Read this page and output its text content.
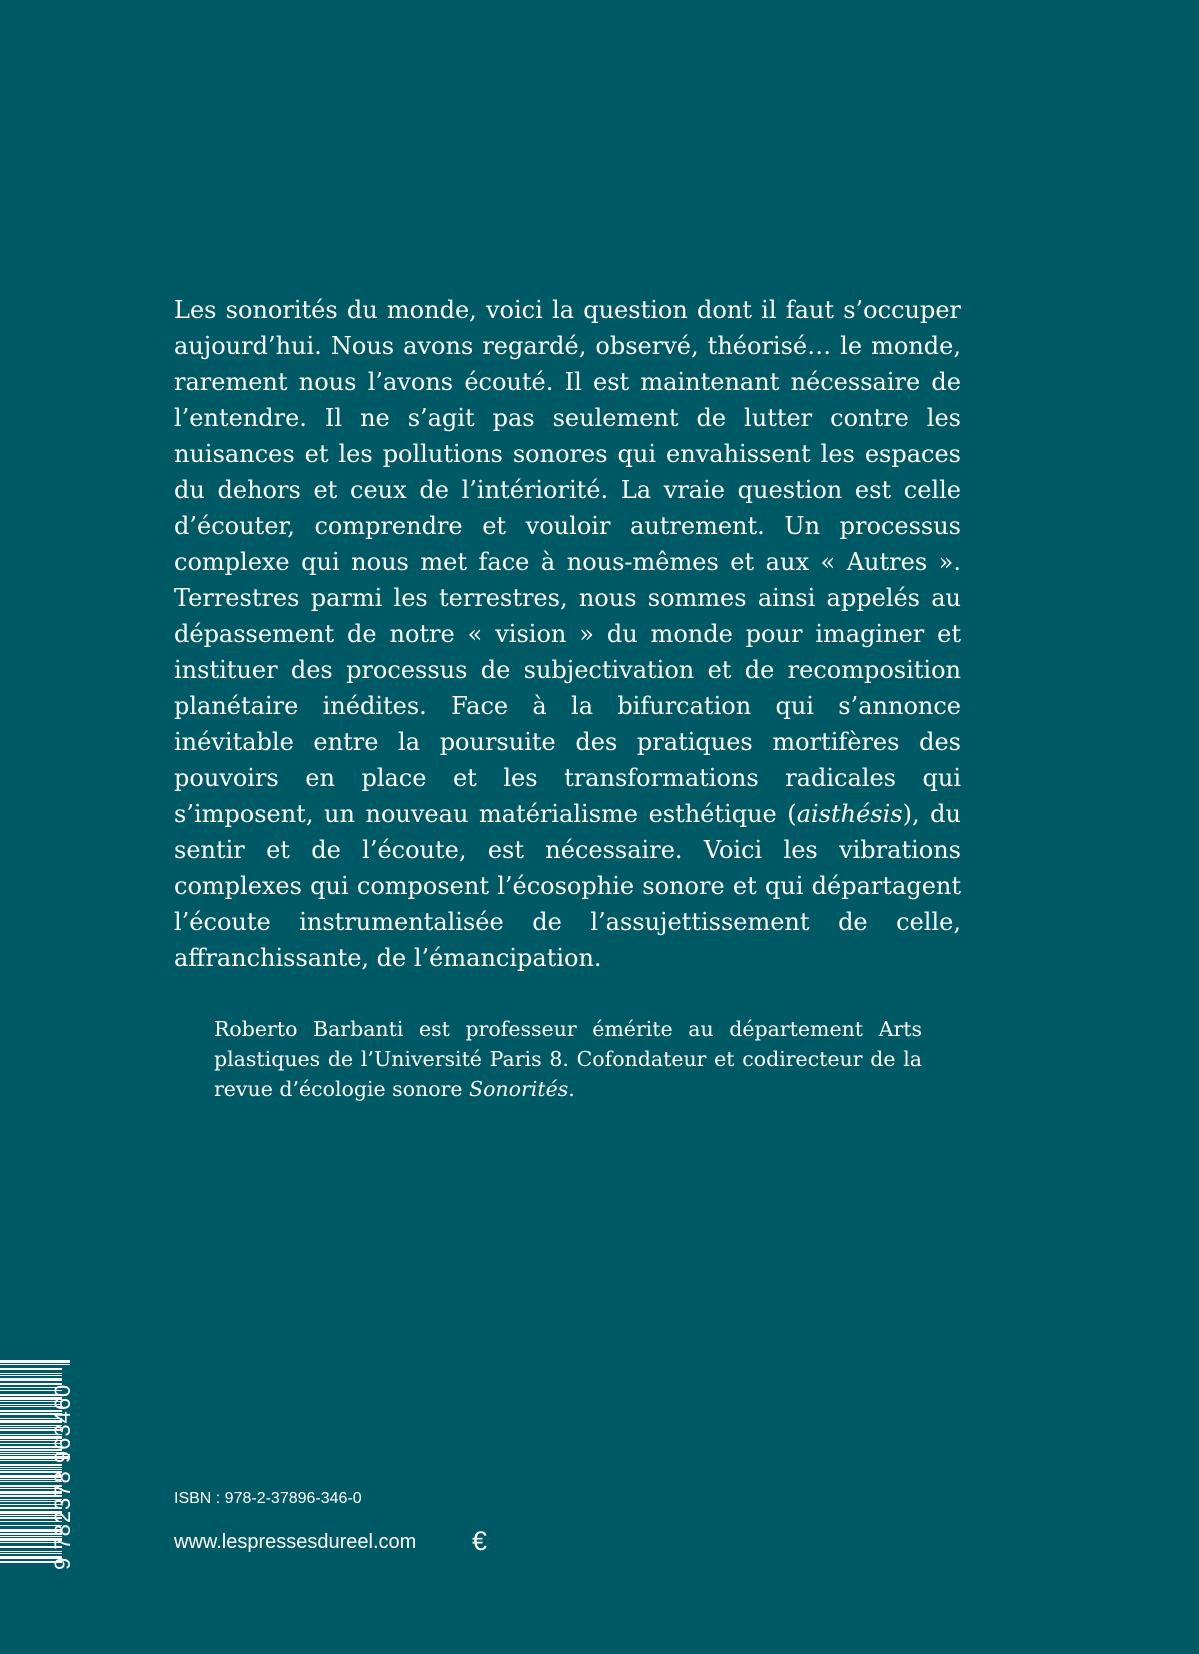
Les sonorités du monde, voici la question dont il faut s’occuper aujourd’hui. Nous avons regardé, observé, théorisé… le monde, rarement nous l’avons écouté. Il est maintenant nécessaire de l’entendre. Il ne s’agit pas seulement de lutter contre les nuisances et les pollutions sonores qui envahissent les espaces du dehors et ceux de l’intériorité. La vraie question est celle d’écouter, comprendre et vouloir autrement. Un processus complexe qui nous met face à nous-mêmes et aux « Autres ». Terrestres parmi les terrestres, nous sommes ainsi appelés au dépassement de notre « vision » du monde pour imaginer et instituer des processus de subjectivation et de recomposition planétaire inédites. Face à la bifurcation qui s’annonce inévitable entre la poursuite des pratiques mortifères des pouvoirs en place et les transformations radicales qui s’imposent, un nouveau matérialisme esthétique (aisthésis), du sentir et de l’écoute, est nécessaire. Voici les vibrations complexes qui composent l’écosophie sonore et qui départagent l’écoute instrumentalisée de l’assujettissement de celle, affranchissante, de l’émancipation.

Roberto Barbanti est professeur émérite au département Arts plastiques de l’Université Paris 8. Cofondateur et codirecteur de la revue d’écologie sonore Sonorités.

9 782378 963460	ISBN : 978-2-37896-346-0
www.lespressesdureel.com €
